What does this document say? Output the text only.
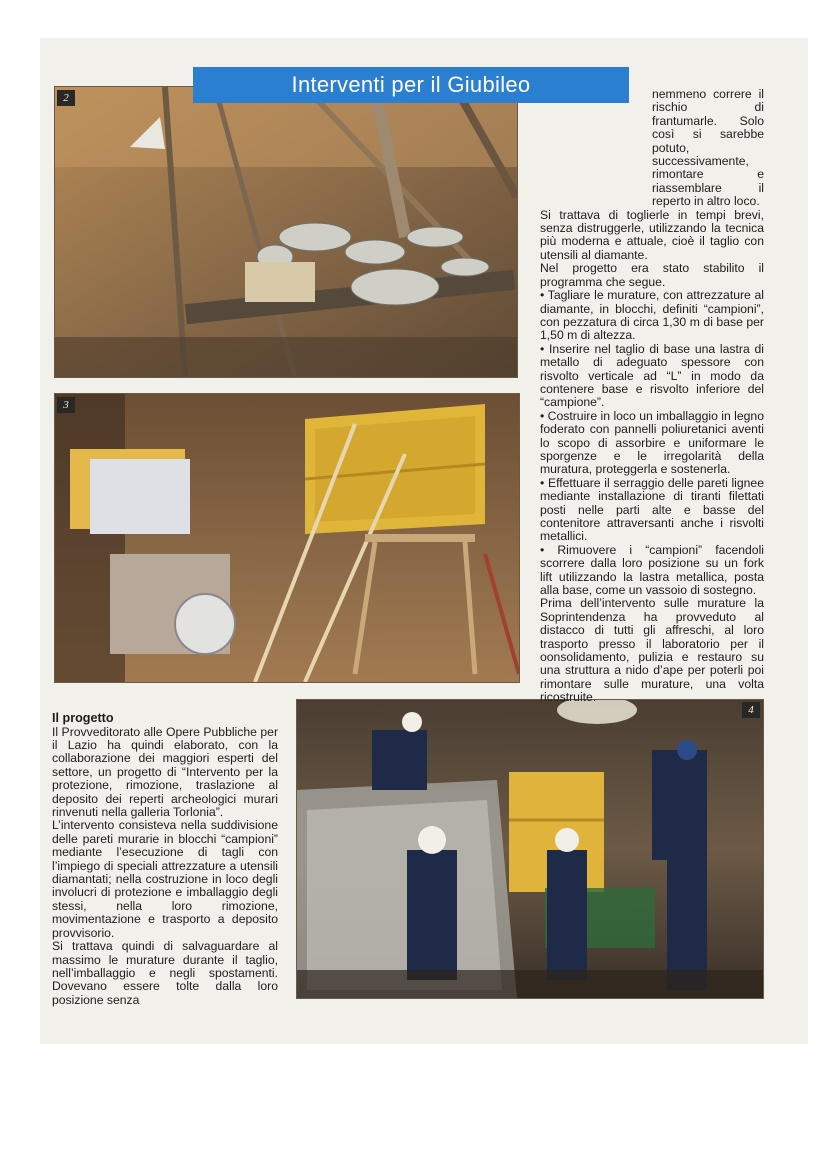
2
Interventi per il Giubileo
3
4

nemmeno correre il rischio di frantumarle. Solo così si sarebbe potuto, successivamente, rimontare e riassemblare il reperto in altro loco.

Si trattava di toglierle in tempi brevi, senza distruggerle, utilizzando la tecnica più moderna e attuale, cioè il taglio con utensili al diamante.

Nel progetto era stato stabilito il programma che segue.

• Tagliare le murature, con attrezzature al diamante, in blocchi, definiti “campioni”, con pezzatura di circa 1,30 m di base per 1,50 m di altezza.

• Inserire nel taglio di base una lastra di metallo di adeguato spessore con risvolto verticale ad “L” in modo da contenere base e risvolto inferiore del “campione”.

• Costruire in loco un imballaggio in legno foderato con pannelli poliuretanici aventi lo scopo di assorbire e uniformare le sporgenze e le irregolarità della muratura, proteggerla e sostenerla.

• Effettuare il serraggio delle pareti lignee mediante installazione di tiranti filettati posti nelle parti alte e basse del contenitore attraversanti anche i risvolti metallici.

• Rimuovere i “campioni” facendoli scorrere dalla loro posizione su un fork lift utilizzando la lastra metallica, posta alla base, come un vassoio di sostegno.

Prima dell’intervento sulle murature la Soprintendenza ha provveduto al distacco di tutti gli affreschi, al loro trasporto presso il laboratorio per il oonsolidamento, pulizia e restauro su una struttura a nido d’ape per poterli poi rimontare sulle murature, una volta ricostruite.

Il progetto

Il Provveditorato alle Opere Pubbliche per il Lazio ha quindi elaborato, con la collaborazione dei maggiori esperti del settore, un progetto di “Intervento per la protezione, rimozione, traslazione al deposito dei reperti archeologici murari rinvenuti nella galleria Torlonia”.

L’intervento consisteva nella suddivisione delle pareti murarie in blocchi “campioni” mediante l’esecuzione di tagli con l’impiego di speciali attrezzature a utensili diamantati; nella costruzione in loco degli involucri di protezione e imballaggio degli stessi, nella loro rimozione, movimentazione e trasporto a deposito provvisorio.

Si trattava quindi di salvaguardare al massimo le murature durante il taglio, nell’imballaggio e negli spostamenti. Dovevano essere tolte dalla loro posizione senza
